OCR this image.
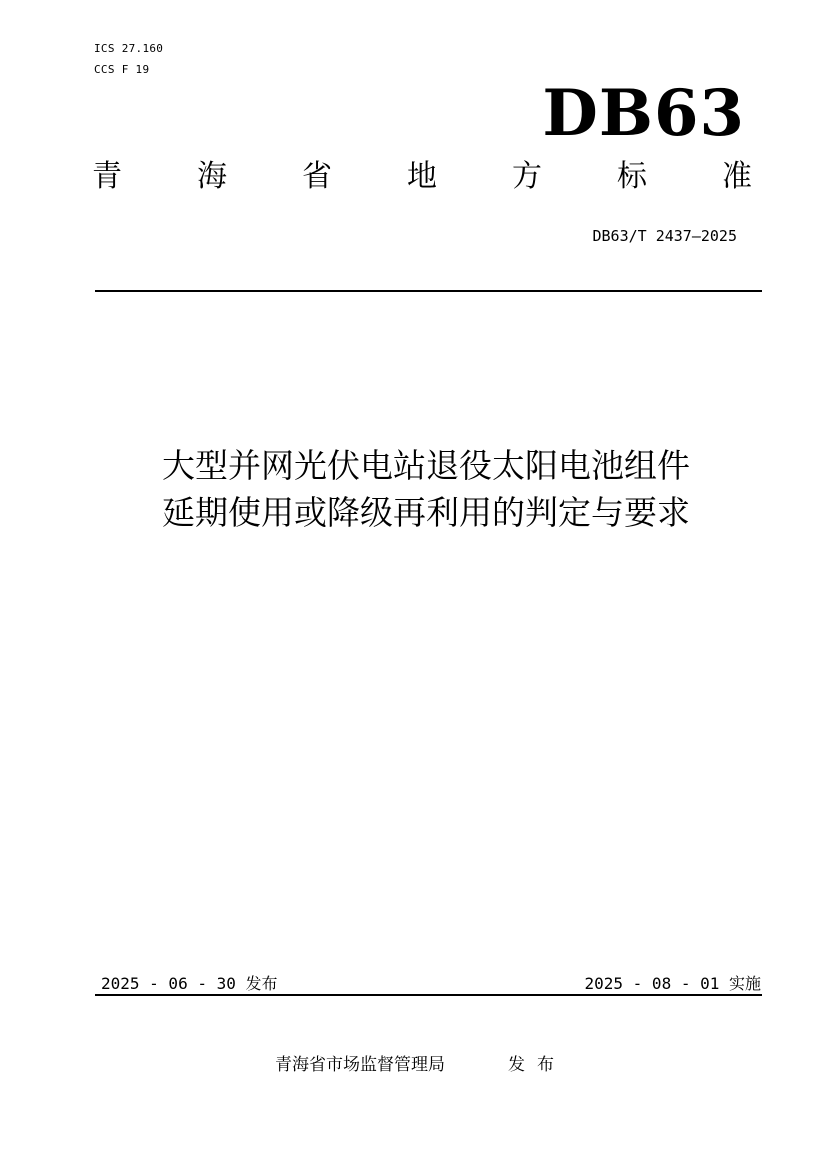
ICS 27.160
CCS F 19
DB63
青	海	省	地	方	标	准
DB63/T 2437—2025
大型并网光伏电站退役太阳电池组件
延期使用或降级再利用的判定与要求
2025 - 06 - 30 发布	2025 - 08 - 01 实施
青海省市场监督管理局	发布
